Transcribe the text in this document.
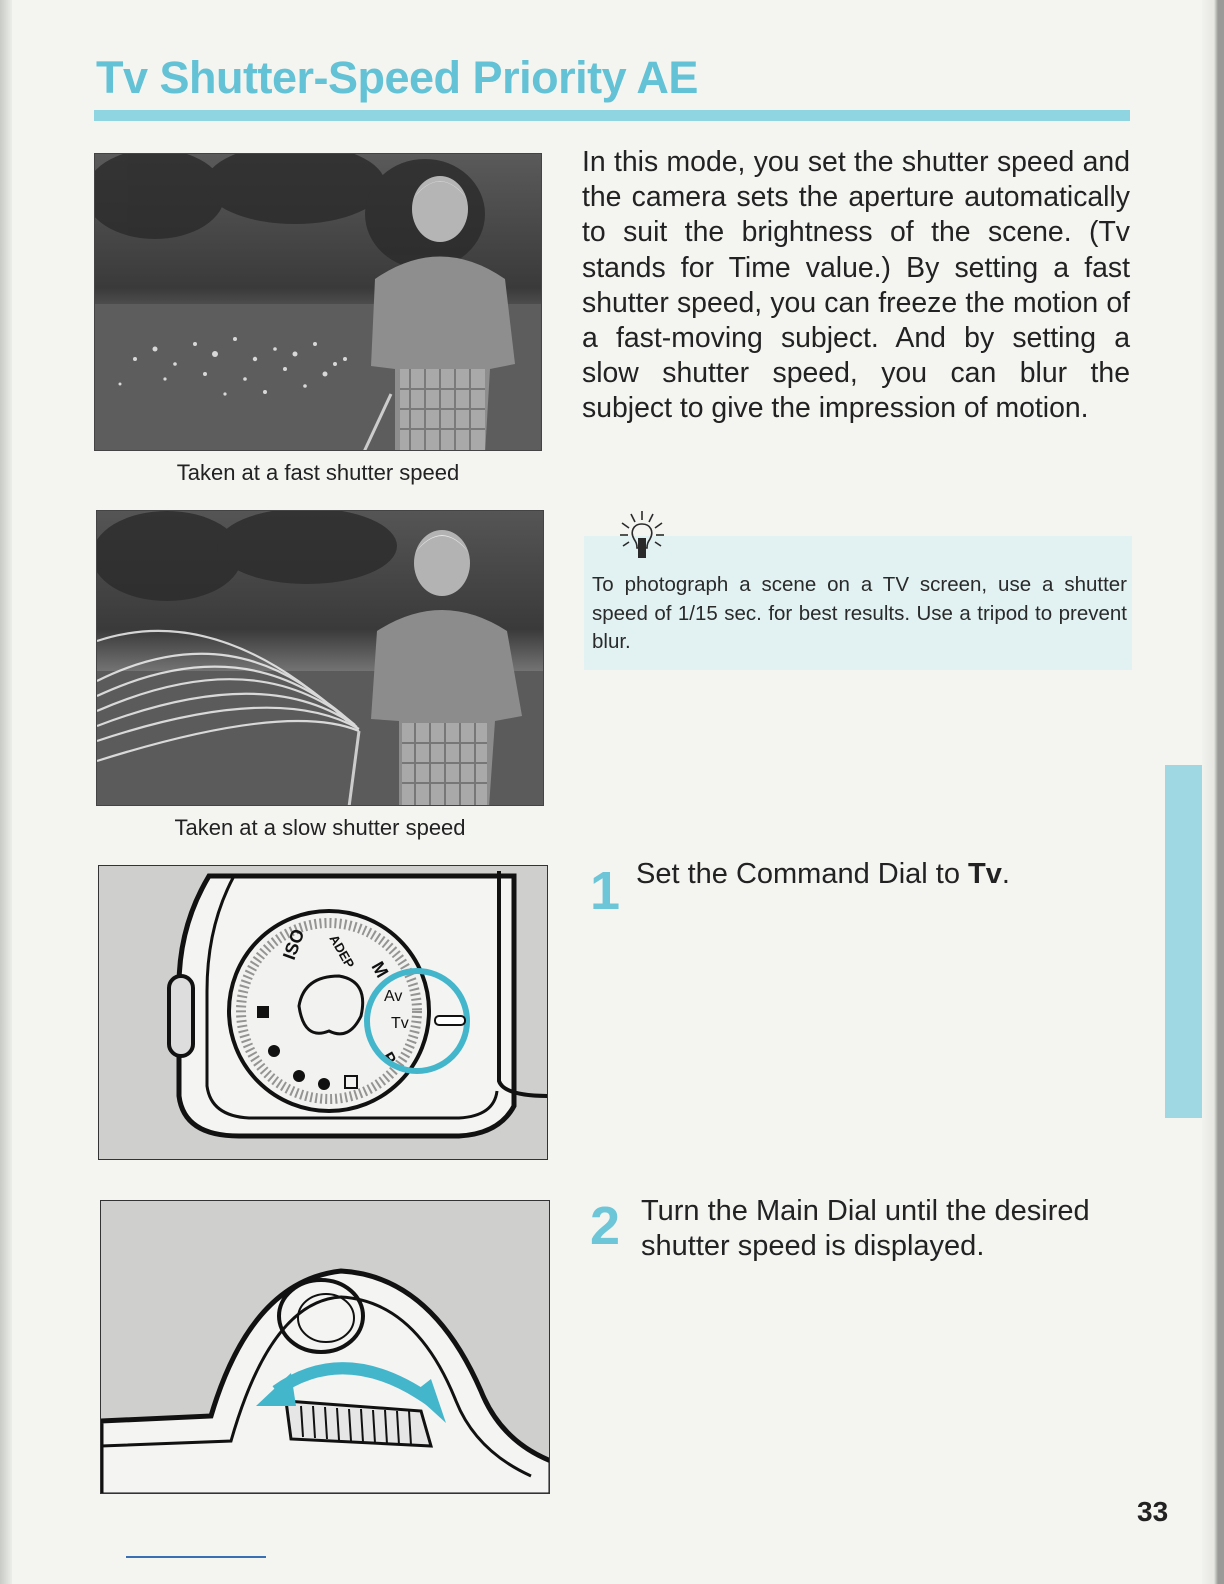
Tv Shutter-Speed Priority AE
Taken at a fast shutter speed
Taken at a slow shutter speed

In this mode, you set the shutter speed and the camera sets the aperture automatically to suit the brightness of the scene. (Tv stands for Time value.) By setting a fast shutter speed, you can freeze the motion of a fast-moving subject. And by setting a slow shutter speed, you can blur the subject to give the impression of motion.

To photograph a scene on a TV screen, use a shutter speed of 1/15 sec. for best results. Use a tripod to prevent blur.

ISO ADEP M
Av
Tv
P
1 Set the Command Dial to Tv.
2 Turn the Main Dial until the desired shutter speed is displayed.
33
